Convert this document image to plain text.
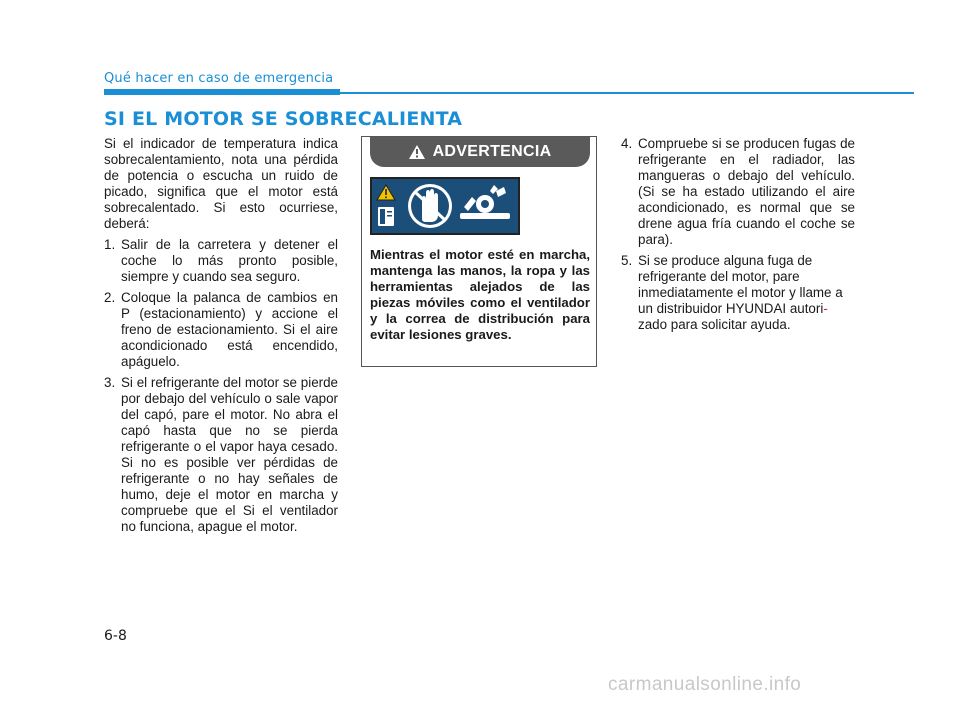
Qué hacer en caso de emergencia
SI EL MOTOR SE SOBRECALIENTA

Si el indicador de temperatura indica sobrecalentamiento, nota una pérdida de potencia o escucha un ruido de picado, significa que el motor está sobrecalentado. Si esto ocurriese, deberá:

1. Salir de la carretera y detener el coche lo más pronto posible, siempre y cuando sea seguro.
2. Coloque la palanca de cambios en P (estacionamiento) y accione el freno de estacionamiento. Si el aire acondicionado está encendido, apáguelo.
3. Si el refrigerante del motor se pierde por debajo del vehículo o sale vapor del capó, pare el motor. No abra el capó hasta que no se pierda refrigerante o el vapor haya cesado. Si no es posible ver pérdidas de refrigerante o no hay señales de humo, deje el motor en marcha y compruebe que el Si el ventilador no funciona, apague el motor.
ADVERTENCIA
Mientras el motor esté en marcha, mantenga las manos, la ropa y las herramientas alejados de las piezas móviles como el ventilador y la correa de distribución para evitar lesiones graves.
4. Compruebe si se producen fugas de refrigerante en el radiador, las mangueras o debajo del vehículo. (Si se ha estado utilizando el aire acondicionado, es normal que se drene agua fría cuando el coche se para).
5. Si se produce alguna fuga de refrigerante del motor, pare inmediatamente el motor y llame a un distribuidor HYUNDAI autori-
zado para solicitar ayuda.
6-8
carmanualsonline.info
